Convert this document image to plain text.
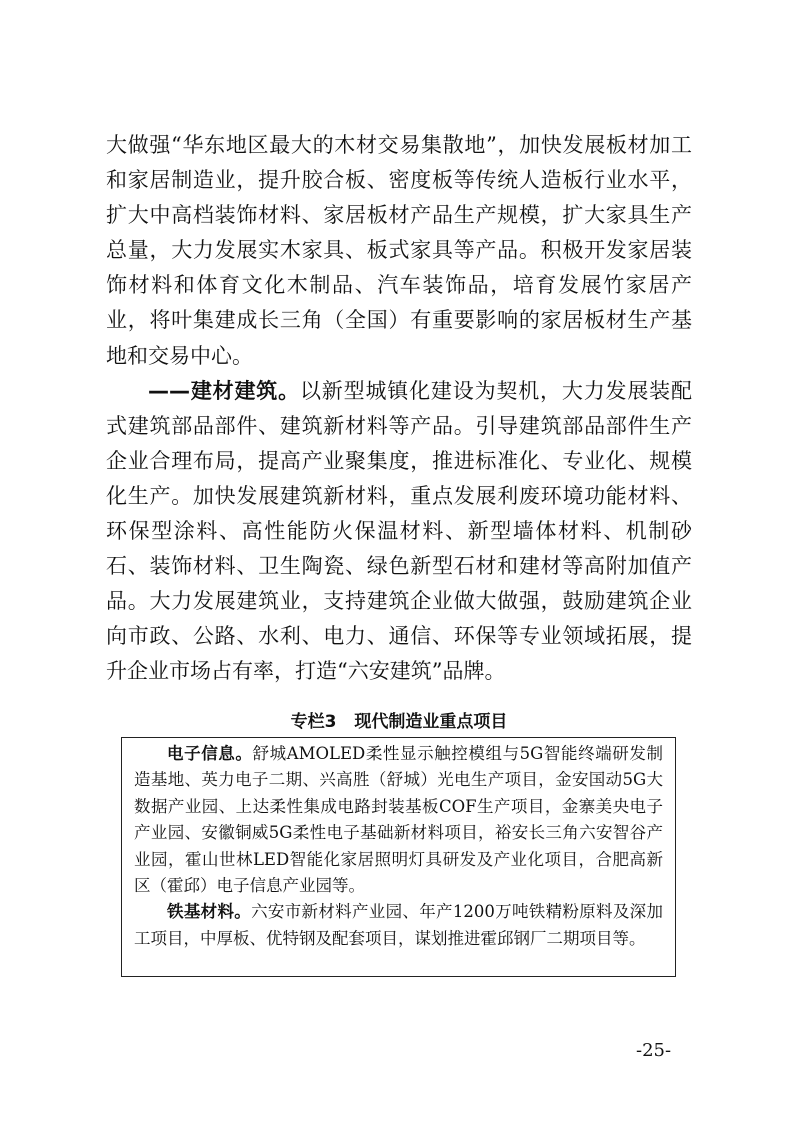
大做强“华东地区最大的木材交易集散地”，加快发展板材加工和家居制造业，提升胶合板、密度板等传统人造板行业水平，扩大中高档装饰材料、家居板材产品生产规模，扩大家具生产总量，大力发展实木家具、板式家具等产品。积极开发家居装饰材料和体育文化木制品、汽车装饰品，培育发展竹家居产业，将叶集建成长三角（全国）有重要影响的家居板材生产基地和交易中心。

——建材建筑。以新型城镇化建设为契机，大力发展装配式建筑部品部件、建筑新材料等产品。引导建筑部品部件生产企业合理布局，提高产业聚集度，推进标准化、专业化、规模化生产。加快发展建筑新材料，重点发展利废环境功能材料、环保型涂料、高性能防火保温材料、新型墙体材料、机制砂石、装饰材料、卫生陶瓷、绿色新型石材和建材等高附加值产品。大力发展建筑业，支持建筑企业做大做强，鼓励建筑企业向市政、公路、水利、电力、通信、环保等专业领域拓展，提升企业市场占有率，打造“六安建筑”品牌。

专栏3 现代制造业重点项目

电子信息。舒城AMOLED柔性显示触控模组与5G智能终端研发制造基地、英力电子二期、兴高胜（舒城）光电生产项目，金安国动5G大数据产业园、上达柔性集成电路封装基板COF生产项目，金寨美央电子产业园、安徽铜威5G柔性电子基础新材料项目，裕安长三角六安智谷产业园，霍山世林LED智能化家居照明灯具研发及产业化项目，合肥高新区（霍邱）电子信息产业园等。

铁基材料。六安市新材料产业园、年产1200万吨铁精粉原料及深加工项目，中厚板、优特钢及配套项目，谋划推进霍邱钢厂二期项目等。

-25-
